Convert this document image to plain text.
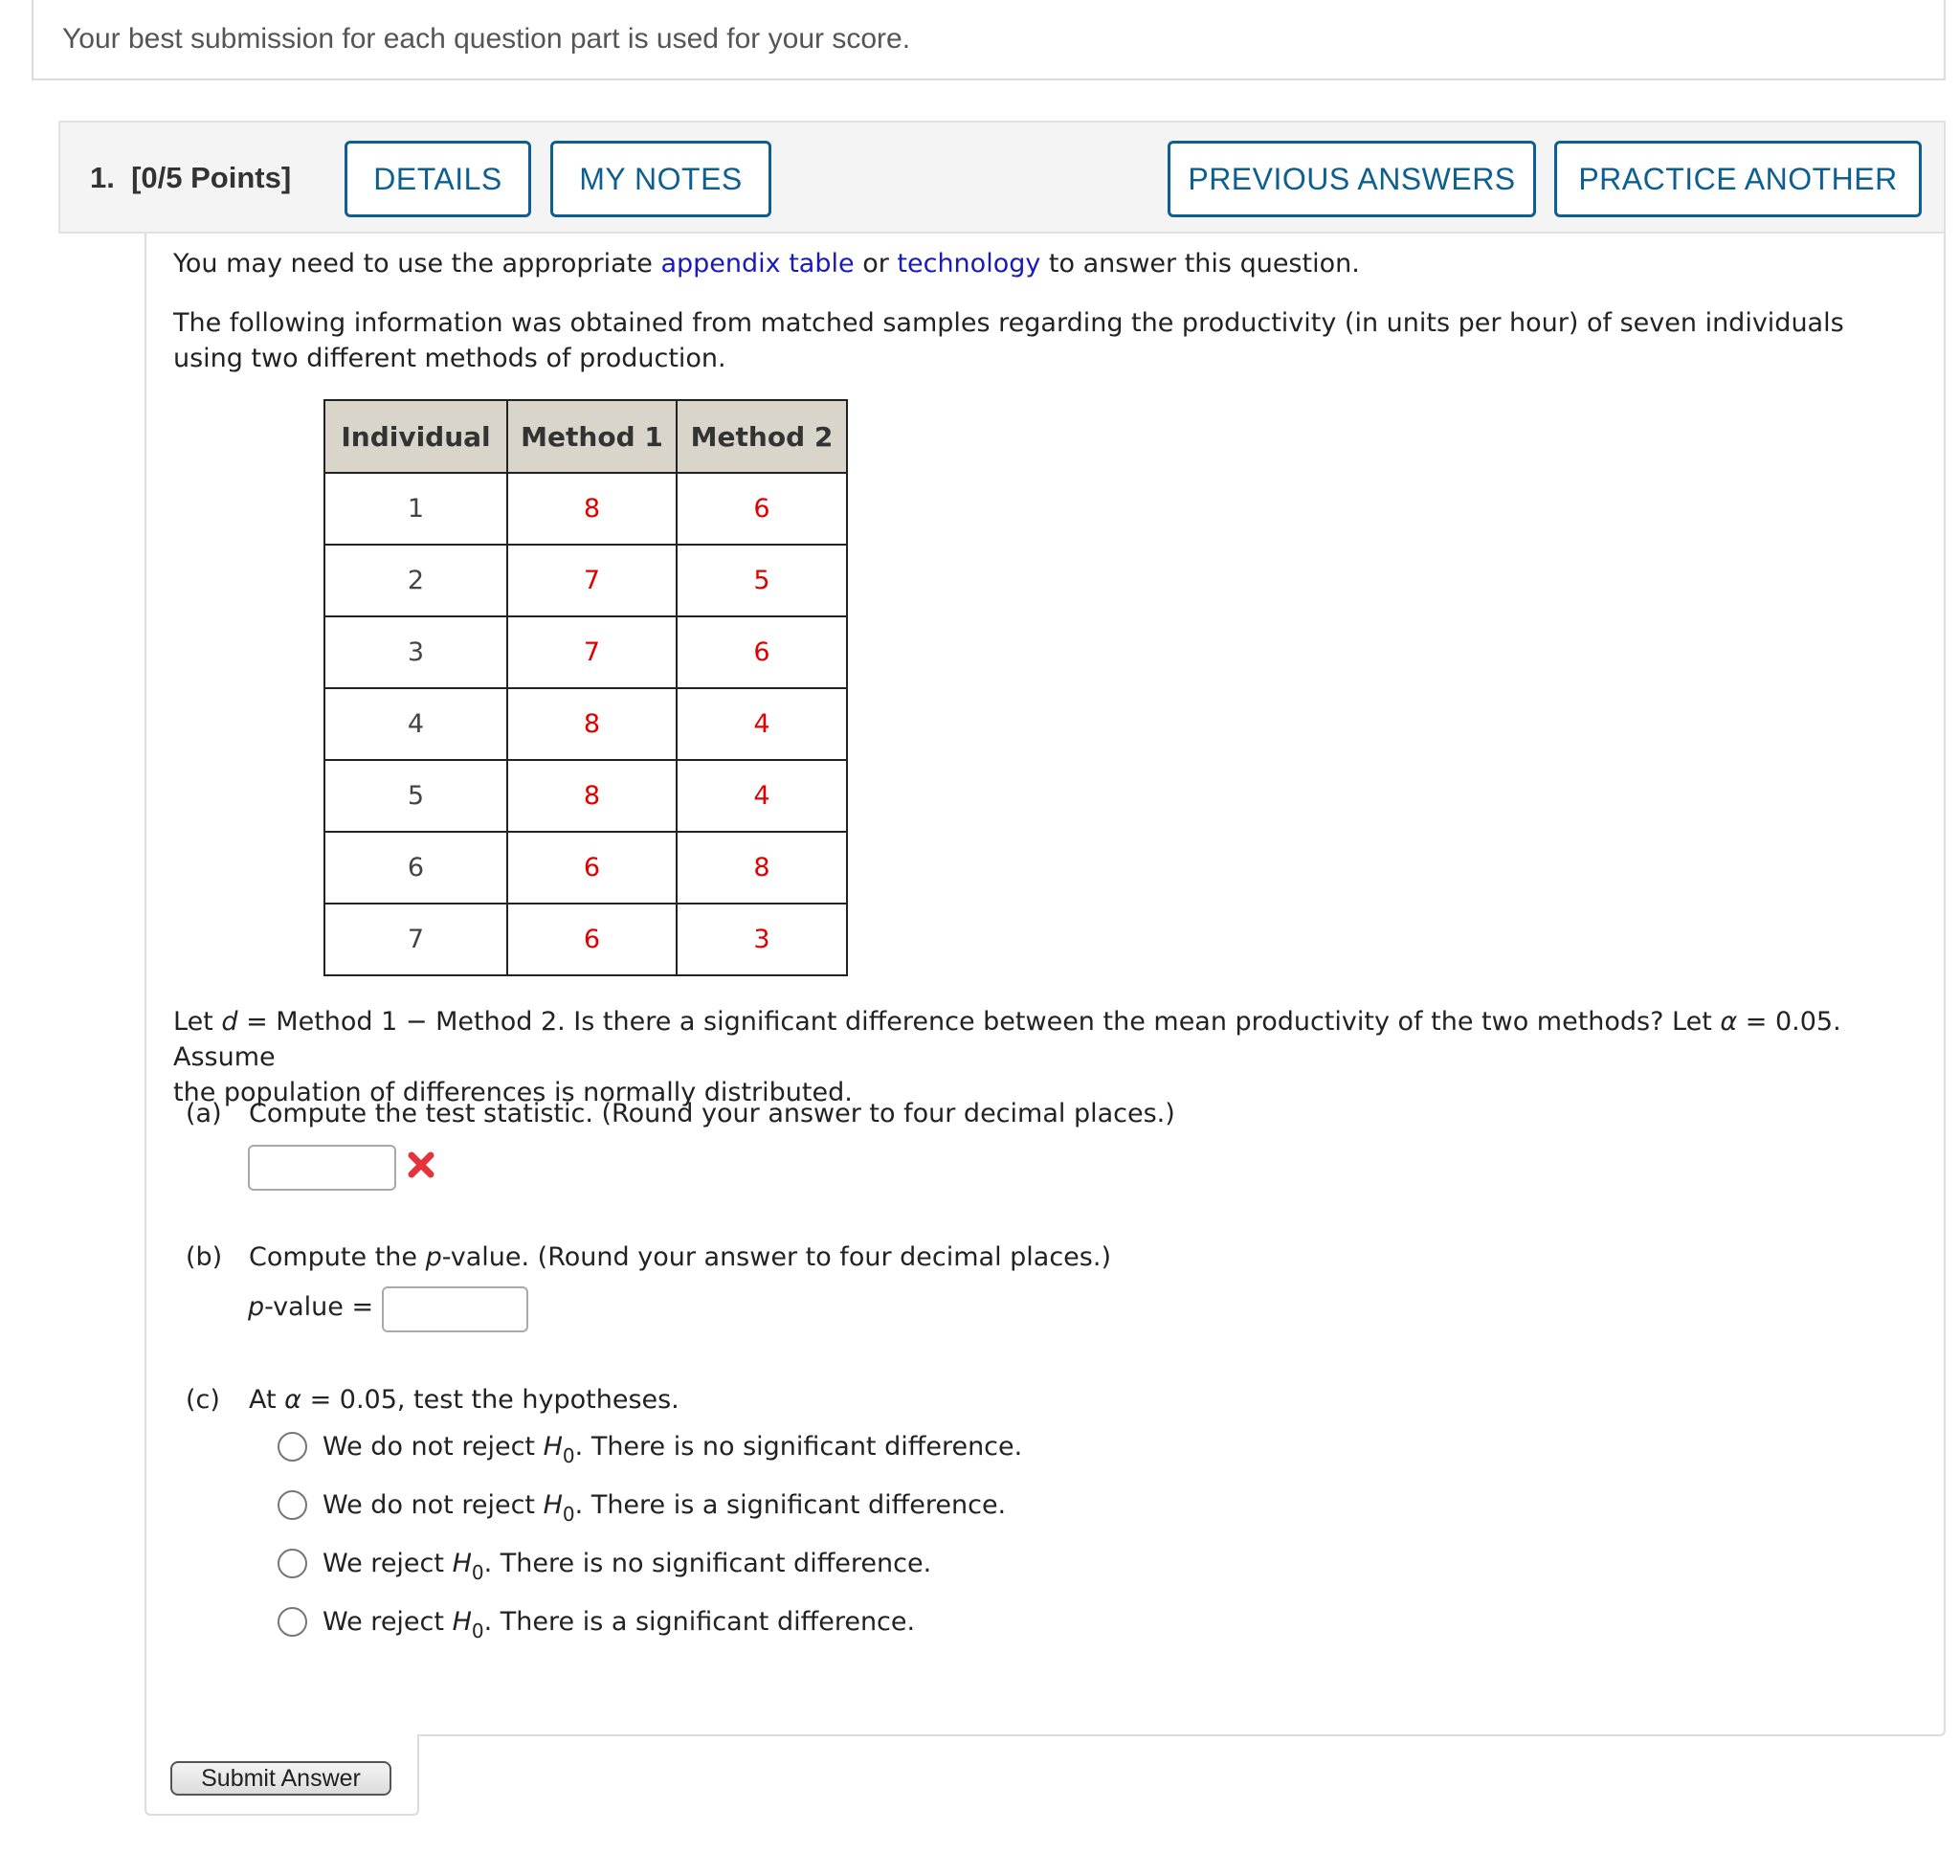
Your best submission for each question part is used for your score.
1. [0/5 Points]	DETAILS	MY NOTES	PREVIOUS ANSWERS	PRACTICE ANOTHER
You may need to use the appropriate appendix table or technology to answer this question.
The following information was obtained from matched samples regarding the productivity (in units per hour) of seven individuals using two different methods of production.
Individual	Method 1	Method 2
1	8	6
2	7	5
3	7	6
4	8	4
5	8	4
6	6	8
7	6	3
Let d = Method 1 − Method 2. Is there a significant difference between the mean productivity of the two methods? Let α = 0.05. Assume
the population of differences is normally distributed.
(a) Compute the test statistic. (Round your answer to four decimal places.)
(b) Compute the p-value. (Round your answer to four decimal places.)
p-value =
(c) At α = 0.05, test the hypotheses.
We do not reject $H_0$. There is no significant difference.
We do not reject $H_0$. There is a significant difference.
We reject $H_0$. There is no significant difference.
We reject $H_0$. There is a significant difference.
Submit Answer
